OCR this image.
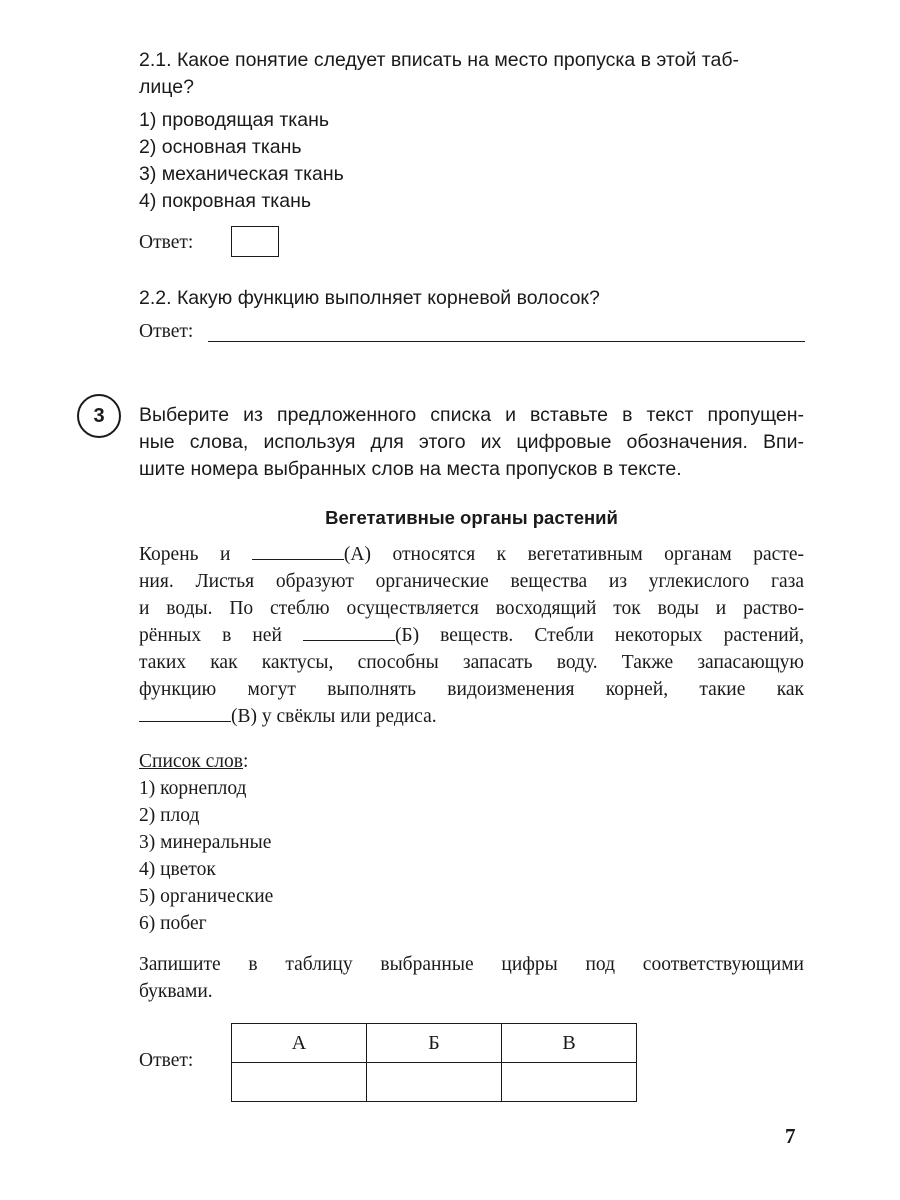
2.1. Какое понятие следует вписать на место пропуска в этой таб-
лице?
1) проводящая ткань
2) основная ткань
3) механическая ткань
4) покровная ткань
Ответ:
2.2. Какую функцию выполняет корневой волосок?
Ответ:
3	Выберите из предложенного списка и вставьте в текст пропущен-
ные слова, используя для этого их цифровые обозначения. Впи-
шите номера выбранных слов на места пропусков в тексте.
Вегетативные органы растений
Корень и	(А) относятся к вегетативным органам расте-
ния. Листья образуют органические вещества из углекислого газа
и воды. По стеблю осуществляется восходящий ток воды и раство-
рённых в ней	(Б) веществ. Стебли некоторых растений,
таких как кактусы, способны запасать воду. Также запасающую
функцию могут выполнять видоизменения корней, такие как
(В) у свёклы или редиса.
Список слов:
1) корнеплод
2) плод
3) минеральные
4) цветок
5) органические
6) побег
Запишите в таблицу выбранные цифры под соответствующими
буквами.
Ответ:
А	Б	В

7
